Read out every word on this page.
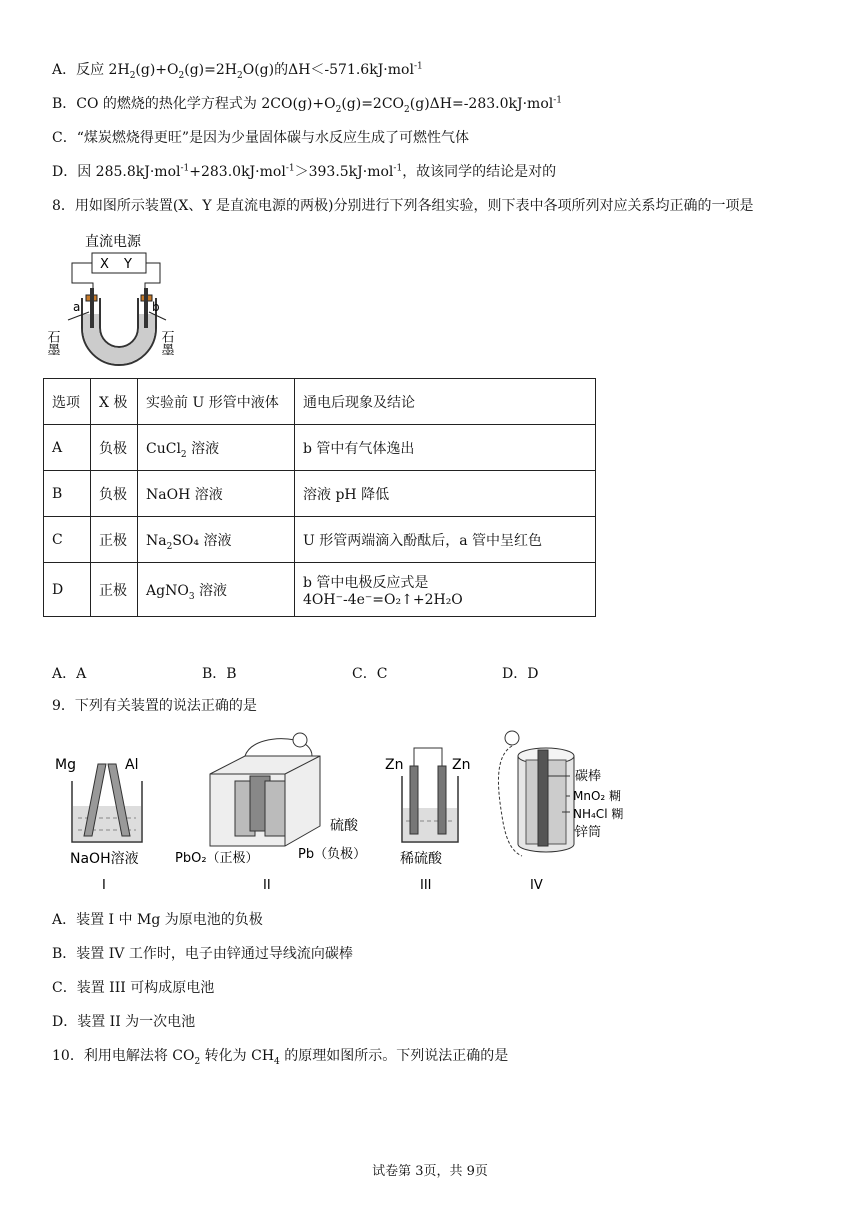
A．反应 $2H_2(g)+O_2(g)=2H_2O(g)$的ΔH＜-571.6kJ·mol$^{-1}$
B．CO 的燃烧的热化学方程式为 $2CO(g)+O_2(g)=2CO_2(g)\Delta H=-283.0kJ\cdot mol^{-1}$
C．“煤炭燃烧得更旺”是因为少量固体碳与水反应生成了可燃性气体
D．因 285.8kJ·mol$^{-1}$+283.0kJ·mol$^{-1}$＞393.5kJ·mol$^{-1}$，故该同学的结论是对的
8．用如图所示装置(X、Y 是直流电源的两极)分别进行下列各组实验，则下表中各项所列对应关系均正确的一项是
直流电源
X Y
a	b
石墨	石墨
选项	X 极	实验前 U 形管中液体	通电后现象及结论
A	负极	CuCl$_2$ 溶液	b 管中有气体逸出
B	负极	NaOH 溶液	溶液 pH 降低
C	正极	$Na_2SO_4$ 溶液	U 形管两端滴入酚酞后，a 管中呈红色
D	正极	AgNO$_3$ 溶液	b 管中电极反应式是 4OH⁻-4e⁻=O₂↑+2H₂O
A．A	B．B	C．C	D．D
9．下列有关装置的说法正确的是
Mg	Al
NaOH溶液
I
硫酸
PbO₂（正极）	Pb（负极）
II
Zn	Zn
稀硫酸
III
碳棒
MnO₂ 糊
NH₄Cl 糊
锌筒
IV
A．装置 I 中 Mg 为原电池的负极
B．装置 IV 工作时，电子由锌通过导线流向碳棒
C．装置 III 可构成原电池
D．装置 II 为一次电池
10．利用电解法将 $CO_2$ 转化为 $CH_4$ 的原理如图所示。下列说法正确的是
试卷第 3页，共 9页
